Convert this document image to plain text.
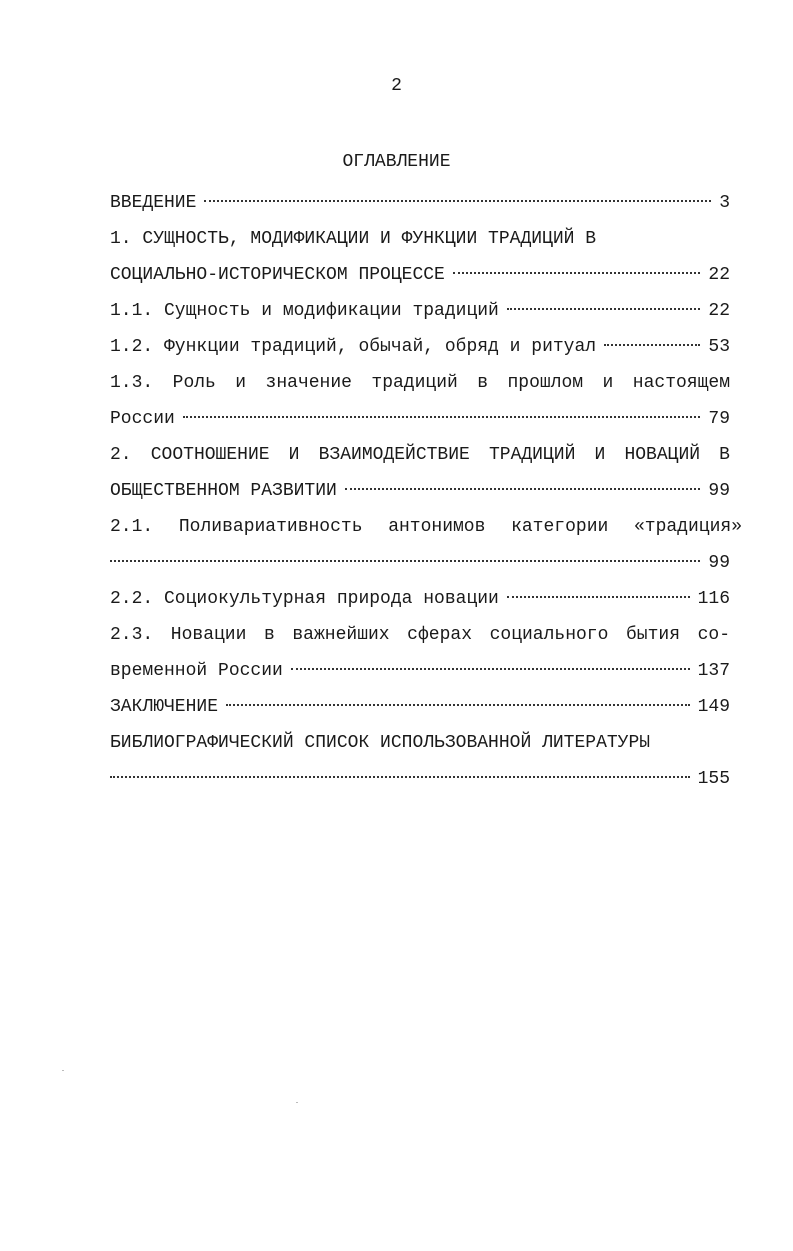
2
ОГЛАВЛЕНИЕ
ВВЕДЕНИЕ	3
1. СУЩНОСТЬ, МОДИФИКАЦИИ И ФУНКЦИИ ТРАДИЦИЙ В
СОЦИАЛЬНО-ИСТОРИЧЕСКОМ ПРОЦЕССЕ	22
1.1. Сущность и модификации традиций	22
1.2. Функции традиций, обычай, обряд и ритуал	53
1.3. Роль и значение традиций в прошлом и настоящем
России	79
2. СООТНОШЕНИЕ И ВЗАИМОДЕЙСТВИЕ ТРАДИЦИЙ И НОВАЦИЙ В
ОБЩЕСТВЕННОМ РАЗВИТИИ	99
2.1. Поливариативность антонимов категории «традиция»
99
2.2. Социокультурная природа новации	116
2.3. Новации в важнейших сферах социального бытия со-
временной России	137
ЗАКЛЮЧЕНИЕ	149
БИБЛИОГРАФИЧЕСКИЙ СПИСОК ИСПОЛЬЗОВАННОЙ ЛИТЕРАТУРЫ
155
